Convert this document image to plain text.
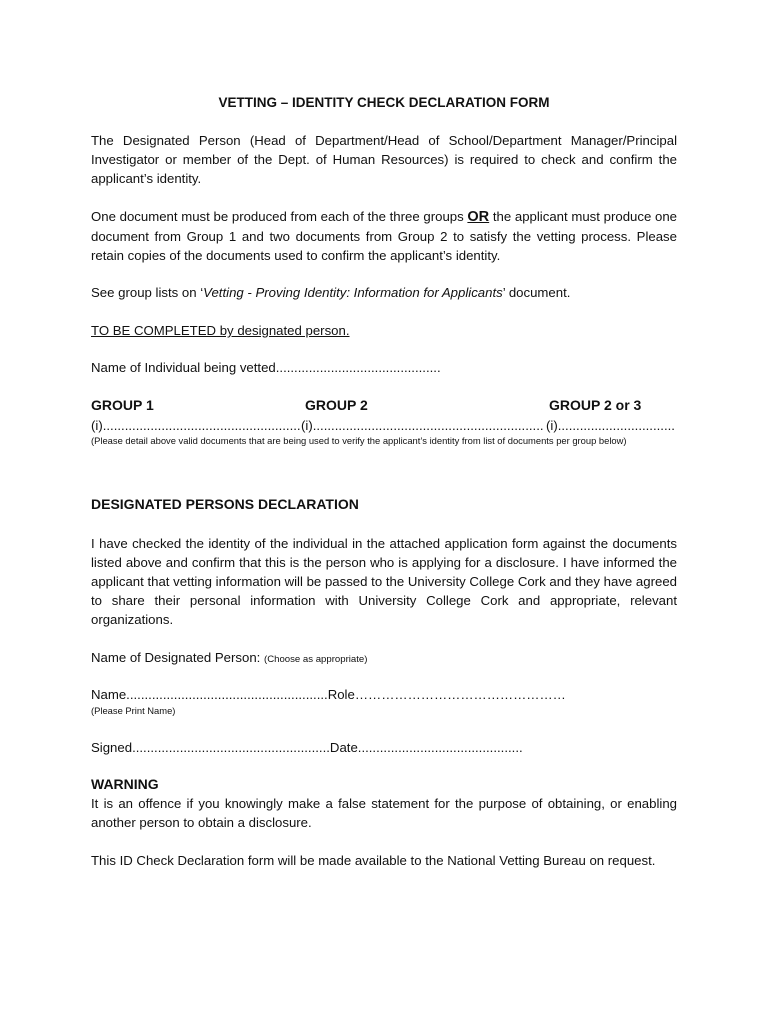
VETTING – IDENTITY CHECK DECLARATION FORM

The Designated Person (Head of Department/Head of School/Department Manager/Principal Investigator or member of the Dept. of Human Resources) is required to check and confirm the applicant’s identity.

One document must be produced from each of the three groups OR the applicant must produce one document from Group 1 and two documents from Group 2 to satisfy the vetting process. Please retain copies of the documents used to confirm the applicant’s identity.

See group lists on ‘Vetting - Proving Identity: Information for Applicants’ document.

TO BE COMPLETED by designated person.

Name of Individual being vetted.............................................

GROUP 1	GROUP 2	GROUP 2 or 3
(i)...................................................... (i)............................................................... (i)................................

(Please detail above valid documents that are being used to verify the applicant’s identity from list of documents per group below)

DESIGNATED PERSONS DECLARATION

I have checked the identity of the individual in the attached application form against the documents listed above and confirm that this is the person who is applying for a disclosure. I have informed the applicant that vetting information will be passed to the University College Cork and they have agreed to share their personal information with University College Cork and appropriate, relevant organizations.

Name of Designated Person: (Choose as appropriate)

Name.......................................................Role…………………………………………

(Please Print Name)

Signed......................................................Date.............................................

WARNING

It is an offence if you knowingly make a false statement for the purpose of obtaining, or enabling another person to obtain a disclosure.

This ID Check Declaration form will be made available to the National Vetting Bureau on request.
